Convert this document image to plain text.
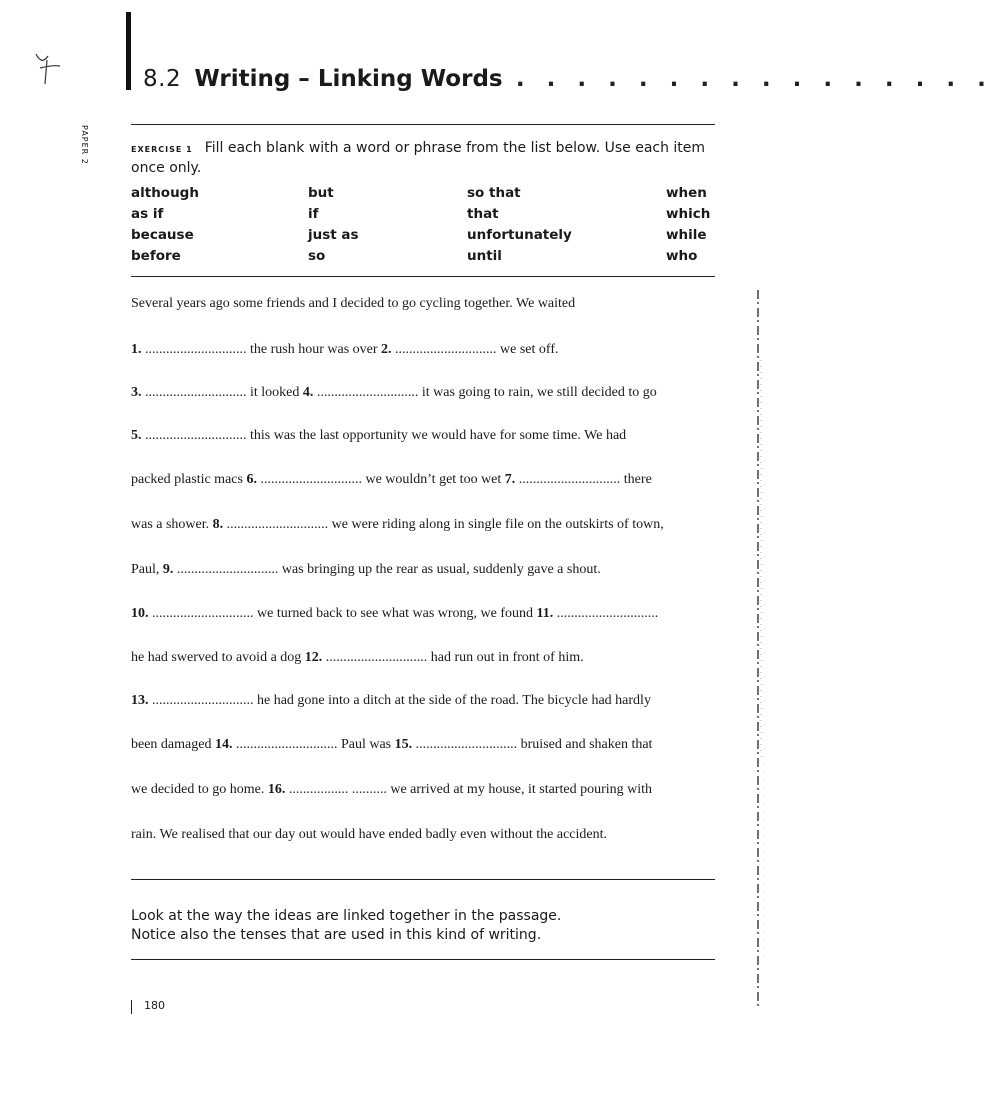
PAPER 2
8.2 Writing – Linking Words . . . . . . . . . . . . . . . .
EXERCISE 1 Fill each blank with a word or phrase from the list below. Use each item once only.
although
as if
because
before
but
if
just as
so
so that
that
unfortunately
until
when
which
while
who
Several years ago some friends and I decided to go cycling together. We waited
1. ............................. the rush hour was over 2. ............................. we set off.
3. ............................. it looked 4. ............................. it was going to rain, we still decided to go
5. ............................. this was the last opportunity we would have for some time. We had
packed plastic macs 6. ............................. we wouldn’t get too wet 7. ............................. there
was a shower. 8. ............................. we were riding along in single file on the outskirts of town,
Paul, 9. ............................. was bringing up the rear as usual, suddenly gave a shout.
10. ............................. we turned back to see what was wrong, we found 11. .............................
he had swerved to avoid a dog 12. ............................. had run out in front of him.
13. ............................. he had gone into a ditch at the side of the road. The bicycle had hardly
been damaged 14. ............................. Paul was 15. ............................. bruised and shaken that
we decided to go home. 16. ................. .......... we arrived at my house, it started pouring with
rain. We realised that our day out would have ended badly even without the accident.
Look at the way the ideas are linked together in the passage.
Notice also the tenses that are used in this kind of writing.
180
